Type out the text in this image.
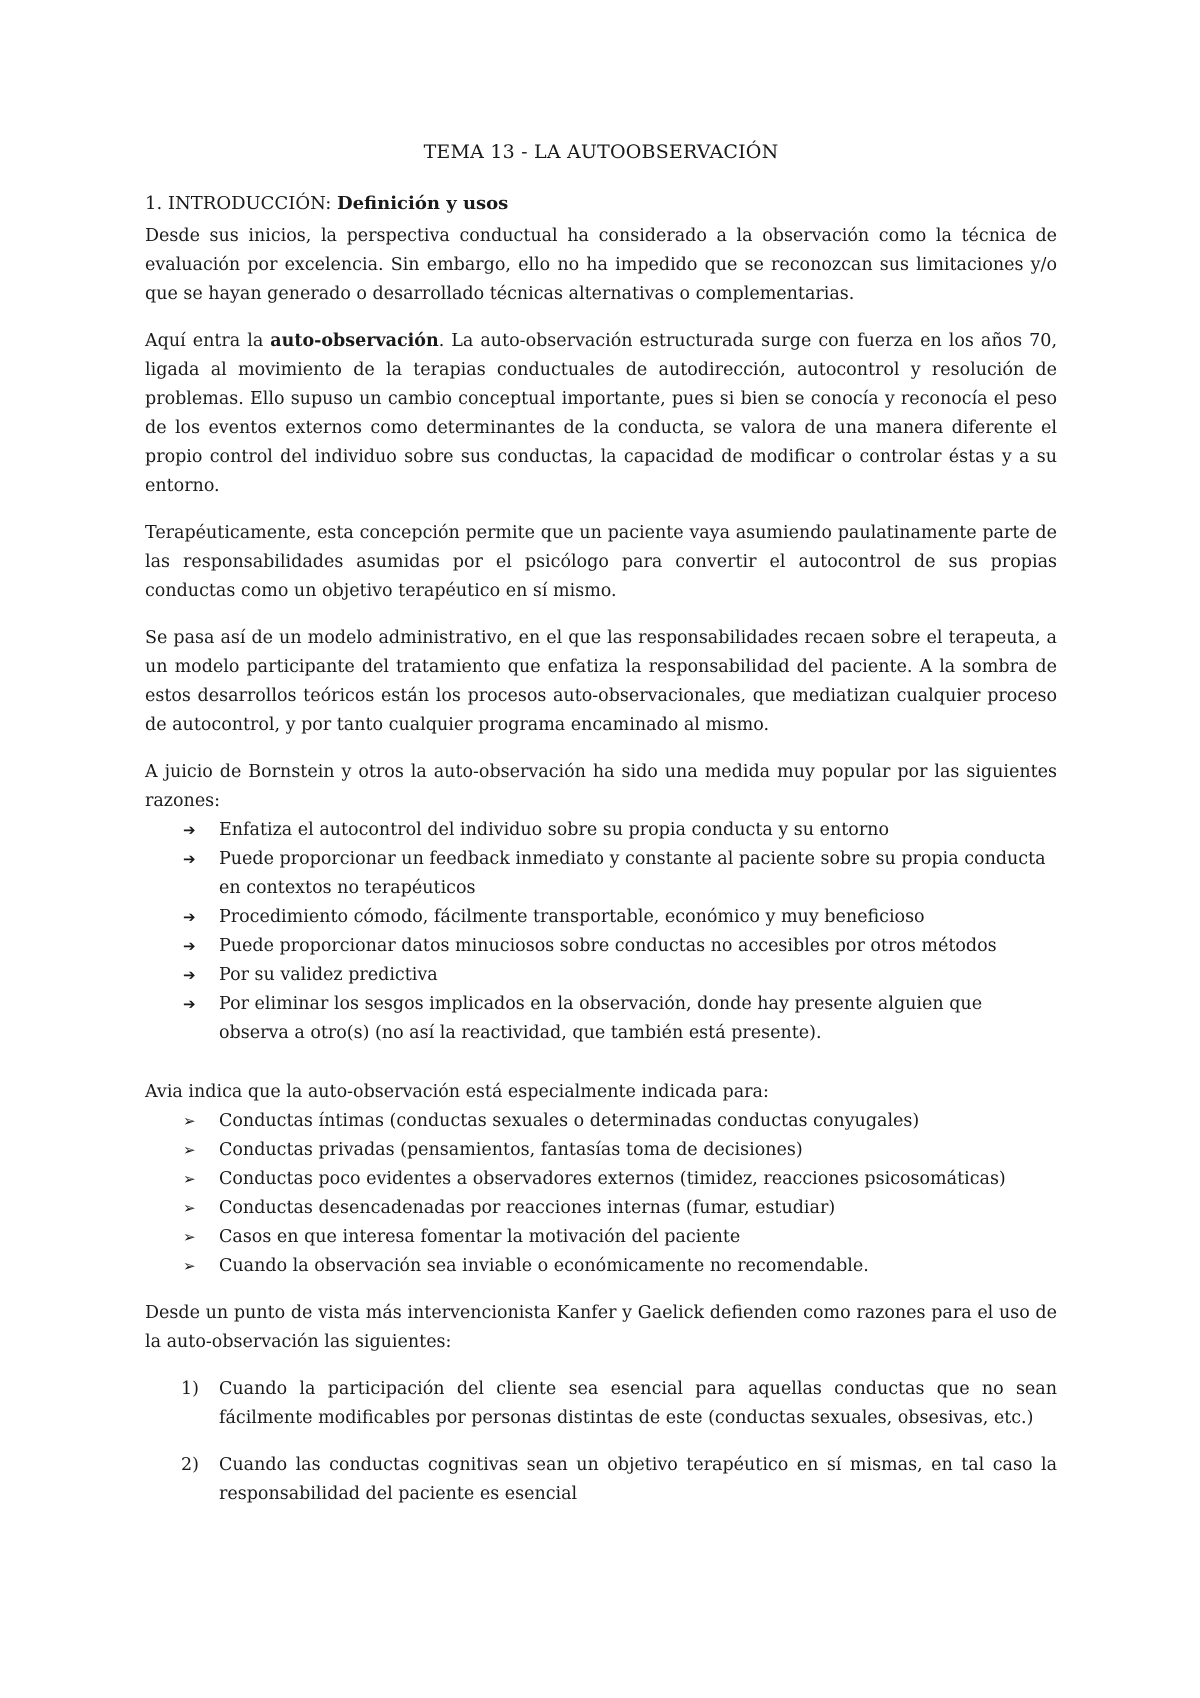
TEMA 13 - LA AUTOOBSERVACIÓN
1. INTRODUCCIÓN: Definición y usos

Desde sus inicios, la perspectiva conductual ha considerado a la observación como la técnica de evaluación por excelencia. Sin embargo, ello no ha impedido que se reconozcan sus limitaciones y/o que se hayan generado o desarrollado técnicas alternativas o complementarias.

Aquí entra la auto-observación. La auto-observación estructurada surge con fuerza en los años 70, ligada al movimiento de la terapias conductuales de autodirección, autocontrol y resolución de problemas. Ello supuso un cambio conceptual importante, pues si bien se conocía y reconocía el peso de los eventos externos como determinantes de la conducta, se valora de una manera diferente el propio control del individuo sobre sus conductas, la capacidad de modificar o controlar éstas y a su entorno.

Terapéuticamente, esta concepción permite que un paciente vaya asumiendo paulatinamente parte de las responsabilidades asumidas por el psicólogo para convertir el autocontrol de sus propias conductas como un objetivo terapéutico en sí mismo.

Se pasa así de un modelo administrativo, en el que las responsabilidades recaen sobre el terapeuta, a un modelo participante del tratamiento que enfatiza la responsabilidad del paciente. A la sombra de estos desarrollos teóricos están los procesos auto-observacionales, que mediatizan cualquier proceso de autocontrol, y por tanto cualquier programa encaminado al mismo.

A juicio de Bornstein y otros la auto-observación ha sido una medida muy popular por las siguientes razones:

➔ Enfatiza el autocontrol del individuo sobre su propia conducta y su entorno
➔ Puede proporcionar un feedback inmediato y constante al paciente sobre su propia conducta en contextos no terapéuticos
➔ Procedimiento cómodo, fácilmente transportable, económico y muy beneficioso
➔ Puede proporcionar datos minuciosos sobre conductas no accesibles por otros métodos
➔ Por su validez predictiva
➔ Por eliminar los sesgos implicados en la observación, donde hay presente alguien que observa a otro(s) (no así la reactividad, que también está presente).

Avia indica que la auto-observación está especialmente indicada para:

➢ Conductas íntimas (conductas sexuales o determinadas conductas conyugales)
➢ Conductas privadas (pensamientos, fantasías toma de decisiones)
➢ Conductas poco evidentes a observadores externos (timidez, reacciones psicosomáticas)
➢ Conductas desencadenadas por reacciones internas (fumar, estudiar)
➢ Casos en que interesa fomentar la motivación del paciente
➢ Cuando la observación sea inviable o económicamente no recomendable.

Desde un punto de vista más intervencionista Kanfer y Gaelick defienden como razones para el uso de la auto-observación las siguientes:

1) Cuando la participación del cliente sea esencial para aquellas conductas que no sean fácilmente modificables por personas distintas de este (conductas sexuales, obsesivas, etc.)
2) Cuando las conductas cognitivas sean un objetivo terapéutico en sí mismas, en tal caso la responsabilidad del paciente es esencial
